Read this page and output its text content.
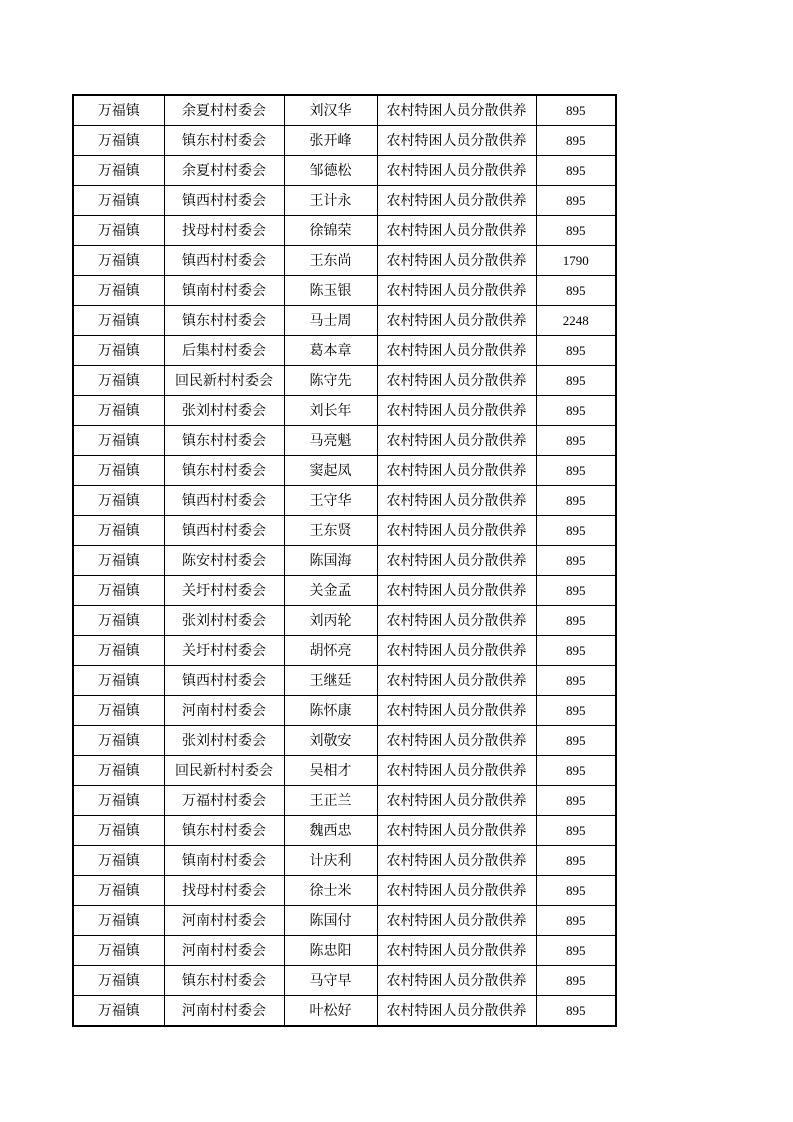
万福镇	余夏村村委会	刘汉华	农村特困人员分散供养	895
万福镇	镇东村村委会	张开峰	农村特困人员分散供养	895
万福镇	余夏村村委会	邹德松	农村特困人员分散供养	895
万福镇	镇西村村委会	王计永	农村特困人员分散供养	895
万福镇	找母村村委会	徐锦荣	农村特困人员分散供养	895
万福镇	镇西村村委会	王东尚	农村特困人员分散供养	1790
万福镇	镇南村村委会	陈玉银	农村特困人员分散供养	895
万福镇	镇东村村委会	马士周	农村特困人员分散供养	2248
万福镇	后集村村委会	葛本章	农村特困人员分散供养	895
万福镇	回民新村村委会	陈守先	农村特困人员分散供养	895
万福镇	张刘村村委会	刘长年	农村特困人员分散供养	895
万福镇	镇东村村委会	马亮魁	农村特困人员分散供养	895
万福镇	镇东村村委会	窦起凤	农村特困人员分散供养	895
万福镇	镇西村村委会	王守华	农村特困人员分散供养	895
万福镇	镇西村村委会	王东贤	农村特困人员分散供养	895
万福镇	陈安村村委会	陈国海	农村特困人员分散供养	895
万福镇	关圩村村委会	关金孟	农村特困人员分散供养	895
万福镇	张刘村村委会	刘丙轮	农村特困人员分散供养	895
万福镇	关圩村村委会	胡怀亮	农村特困人员分散供养	895
万福镇	镇西村村委会	王继廷	农村特困人员分散供养	895
万福镇	河南村村委会	陈怀康	农村特困人员分散供养	895
万福镇	张刘村村委会	刘敬安	农村特困人员分散供养	895
万福镇	回民新村村委会	吴相才	农村特困人员分散供养	895
万福镇	万福村村委会	王正兰	农村特困人员分散供养	895
万福镇	镇东村村委会	魏西忠	农村特困人员分散供养	895
万福镇	镇南村村委会	计庆利	农村特困人员分散供养	895
万福镇	找母村村委会	徐士米	农村特困人员分散供养	895
万福镇	河南村村委会	陈国付	农村特困人员分散供养	895
万福镇	河南村村委会	陈忠阳	农村特困人员分散供养	895
万福镇	镇东村村委会	马守早	农村特困人员分散供养	895
万福镇	河南村村委会	叶松好	农村特困人员分散供养	895
